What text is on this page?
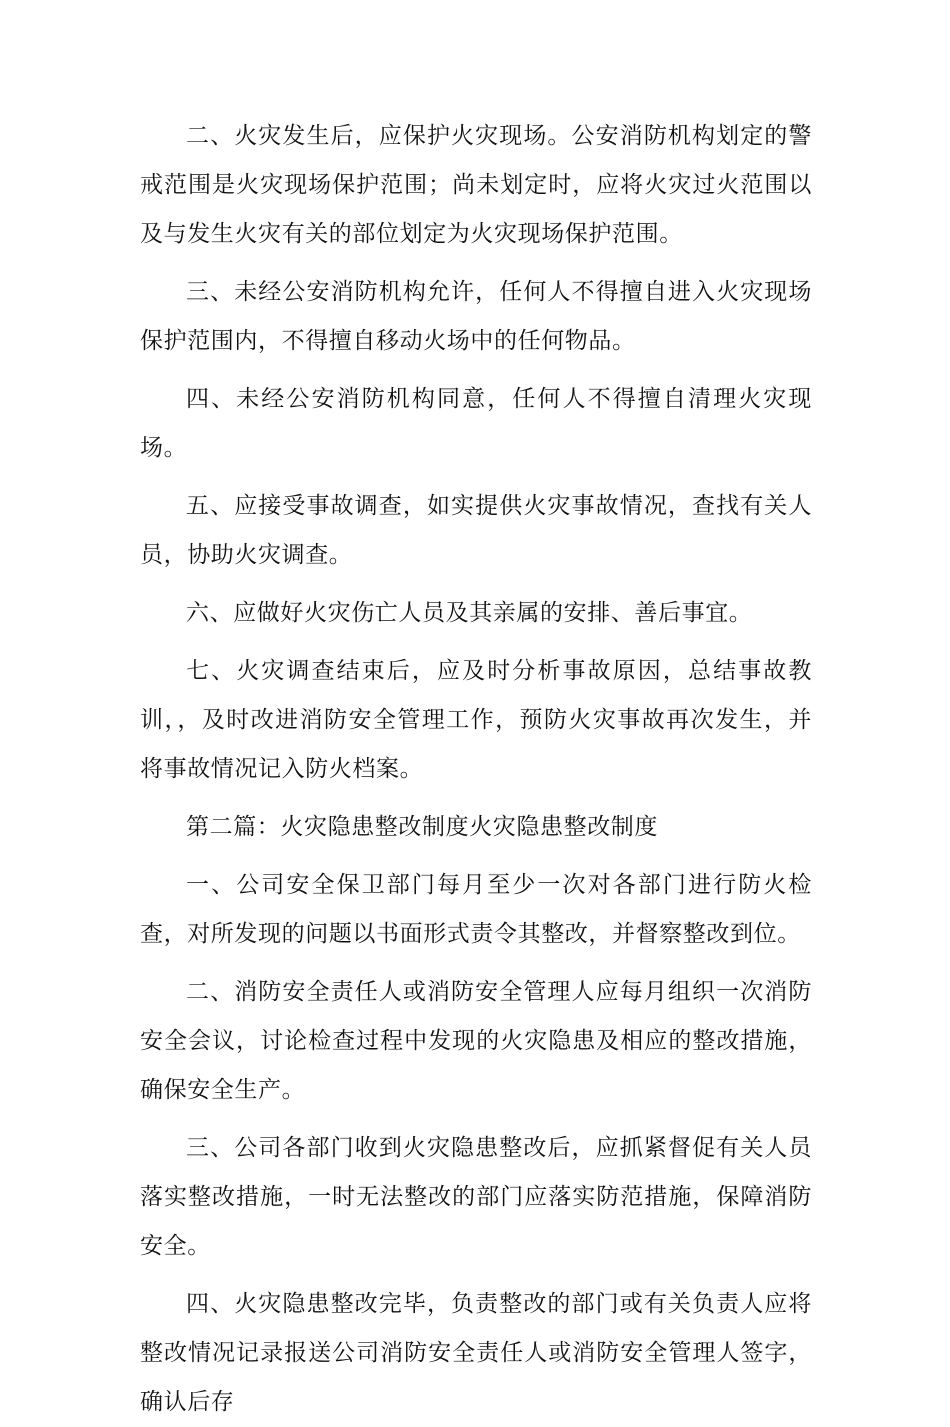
二、火灾发生后，应保护火灾现场。公安消防机构划定的警戒范围是火灾现场保护范围；尚未划定时，应将火灾过火范围以及与发生火灾有关的部位划定为火灾现场保护范围。

三、未经公安消防机构允许，任何人不得擅自进入火灾现场保护范围内，不得擅自移动火场中的任何物品。

四、未经公安消防机构同意，任何人不得擅自清理火灾现场。

五、应接受事故调查，如实提供火灾事故情况，查找有关人员，协助火灾调查。

六、应做好火灾伤亡人员及其亲属的安排、善后事宜。

七、火灾调查结束后，应及时分析事故原因，总结事故教训，，及时改进消防安全管理工作，预防火灾事故再次发生，并将事故情况记入防火档案。

第二篇：火灾隐患整改制度火灾隐患整改制度

一、公司安全保卫部门每月至少一次对各部门进行防火检查，对所发现的问题以书面形式责令其整改，并督察整改到位。

二、消防安全责任人或消防安全管理人应每月组织一次消防安全会议，讨论检查过程中发现的火灾隐患及相应的整改措施，确保安全生产。

三、公司各部门收到火灾隐患整改后，应抓紧督促有关人员落实整改措施，一时无法整改的部门应落实防范措施，保障消防安全。

四、火灾隐患整改完毕，负责整改的部门或有关负责人应将整改情况记录报送公司消防安全责任人或消防安全管理人签字，确认后存
